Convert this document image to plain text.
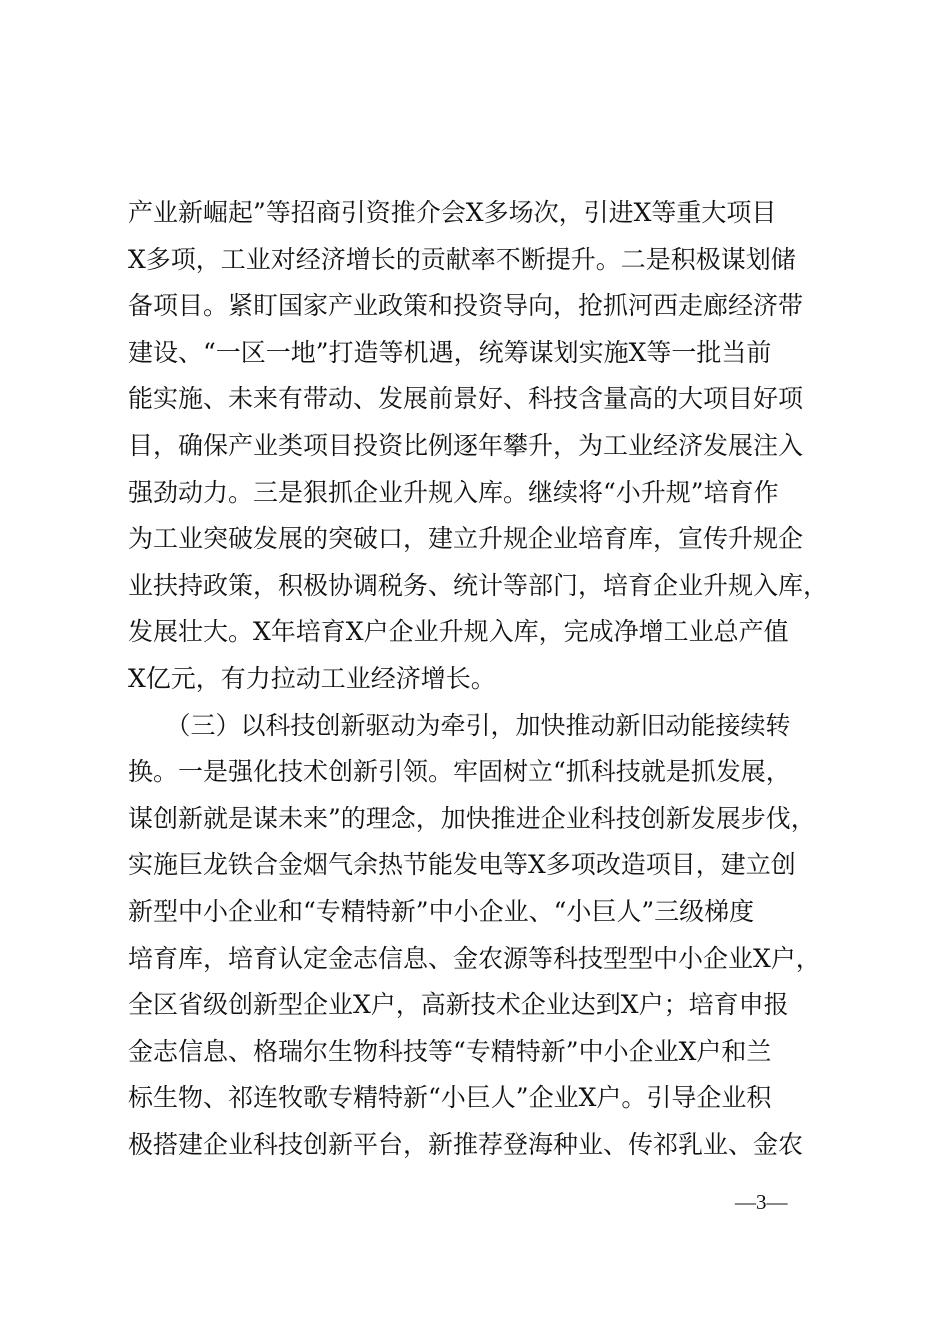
产业新崛起”等招商引资推介会X多场次，引进X等重大项目
X多项，工业对经济增长的贡献率不断提升。二是积极谋划储
备项目。紧盯国家产业政策和投资导向，抢抓河西走廊经济带
建设、“一区一地”打造等机遇，统筹谋划实施X等一批当前
能实施、未来有带动、发展前景好、科技含量高的大项目好项
目，确保产业类项目投资比例逐年攀升，为工业经济发展注入
强劲动力。三是狠抓企业升规入库。继续将“小升规”培育作
为工业突破发展的突破口，建立升规企业培育库，宣传升规企
业扶持政策，积极协调税务、统计等部门，培育企业升规入库，
发展壮大。X年培育X户企业升规入库，完成净增工业总产值
X亿元，有力拉动工业经济增长。
　　（三）以科技创新驱动为牵引，加快推动新旧动能接续转
换。一是强化技术创新引领。牢固树立“抓科技就是抓发展，
谋创新就是谋未来”的理念，加快推进企业科技创新发展步伐，
实施巨龙铁合金烟气余热节能发电等X多项改造项目，建立创
新型中小企业和“专精特新”中小企业、“小巨人”三级梯度
培育库，培育认定金志信息、金农源等科技型型中小企业X户，
全区省级创新型企业X户，高新技术企业达到X户；培育申报
金志信息、格瑞尔生物科技等“专精特新”中小企业X户和兰
标生物、祁连牧歌专精特新“小巨人”企业X户。引导企业积
极搭建企业科技创新平台，新推荐登海种业、传祁乳业、金农
—3—
